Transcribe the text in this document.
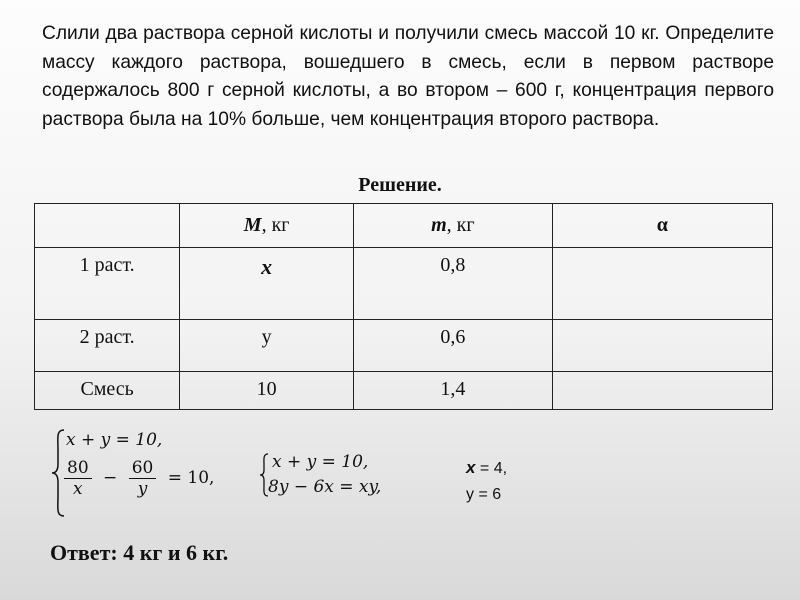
Слили два раствора серной кислоты и получили смесь массой 10 кг. Определите массу каждого раствора, вошедшего в смесь, если в первом растворе содержалось 800 г серной кислоты, а во втором – 600 г, концентрация первого раствора была на 10% больше, чем концентрация второго раствора.

Решение.
	M, кг	m, кг	α
1 раст.	x	0,8	
2 раст.	у	0,6	
Смесь	10	1,4	
x + y = 10,
$\frac{80}{x} - \frac{60}{y} = 10$,
x + y = 10,
8y − 6x = xy,
x = 4,
у = 6
Ответ: 4 кг и 6 кг.
